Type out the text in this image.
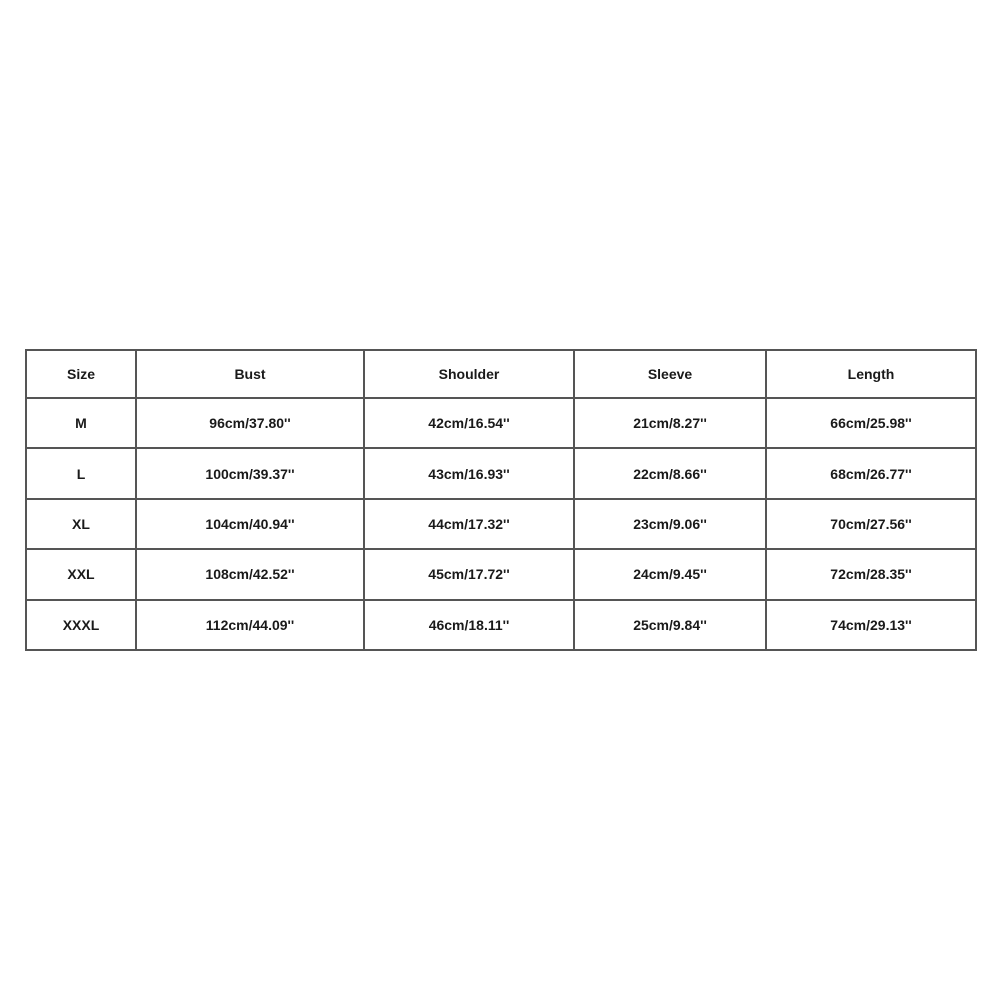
Size	Bust	Shoulder	Sleeve	Length
M	96cm/37.80''	42cm/16.54''	21cm/8.27''	66cm/25.98''
L	100cm/39.37''	43cm/16.93''	22cm/8.66''	68cm/26.77''
XL	104cm/40.94''	44cm/17.32''	23cm/9.06''	70cm/27.56''
XXL	108cm/42.52''	45cm/17.72''	24cm/9.45''	72cm/28.35''
XXXL	112cm/44.09''	46cm/18.11''	25cm/9.84''	74cm/29.13''
